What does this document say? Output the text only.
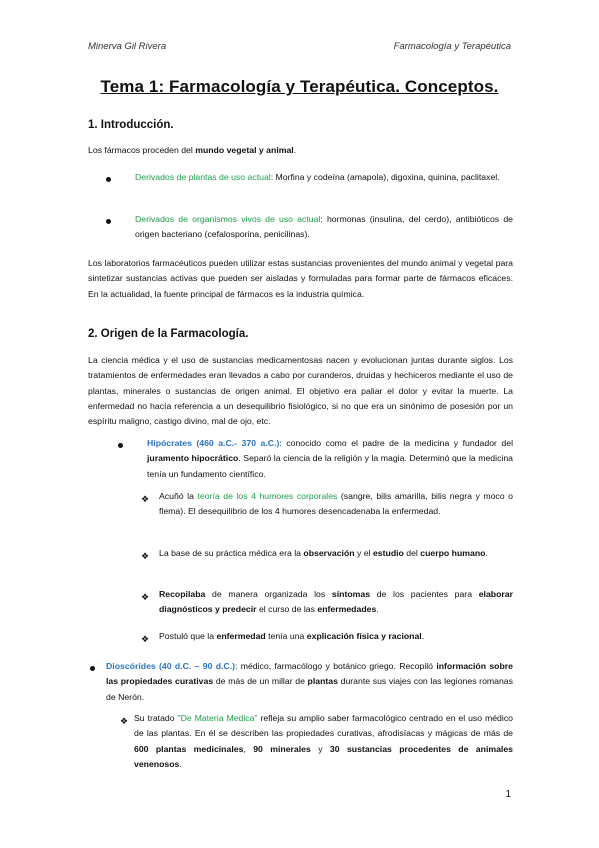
Minerva Gil Rivera	Farmacología y Terapéutica
Tema 1: Farmacología y Terapéutica. Conceptos.
1. Introducción.

Los fármacos proceden del mundo vegetal y animal.

Derivados de plantas de uso actual: Morfina y codeína (amapola), digoxina, quinina, paclitaxel.
Derivados de organismos vivos de uso actual: hormonas (insulina, del cerdo), antibióticos de origen bacteriano (cefalosporina, penicilinas).

Los laboratorios farmacéuticos pueden utilizar estas sustancias provenientes del mundo animal y vegetal para sintetizar sustancias activas que pueden ser aisladas y formuladas para formar parte de fármacos eficaces. En la actualidad, la fuente principal de fármacos es la industria química.

2. Origen de la Farmacología.

La ciencia médica y el uso de sustancias medicamentosas nacen y evolucionan juntas durante siglos. Los tratamientos de enfermedades eran llevados a cabo por curanderos, druidas y hechiceros mediante el uso de plantas, minerales o sustancias de origen animal. El objetivo era paliar el dolor y evitar la muerte. La enfermedad no hacía referencia a un desequilibrio fisiológico, si no que era un sinónimo de posesión por un espíritu maligno, castigo divino, mal de ojo, etc.

Hipócrates (460 a.C.- 370 a.C.): conocido como el padre de la medicina y fundador del juramento hipocrático. Separó la ciencia de la religión y la magia. Determinó que la medicina tenía un fundamento científico.
❖ Acuñó la teoría de los 4 humores corporales (sangre, bilis amarilla, bilis negra y moco o flema). El desequilibrio de los 4 humores desencadenaba la enfermedad.
❖ La base de su práctica médica era la observación y el estudio del cuerpo humano.
❖ Recopilaba de manera organizada los síntomas de los pacientes para elaborar diagnósticos y predecir el curso de las enfermedades.
❖ Postuló que la enfermedad tenía una explicación física y racional.
Dioscórides (40 d.C. – 90 d.C.): médico, farmacólogo y botánico griego. Recopiló información sobre las propiedades curativas de más de un millar de plantas durante sus viajes con las legiones romanas de Nerón.
❖ Su tratado "De Materia Medica" refleja su amplio saber farmacológico centrado en el uso médico de las plantas. En él se describen las propiedades curativas, afrodisíacas y mágicas de más de 600 plantas medicinales, 90 minerales y 30 sustancias procedentes de animales venenosos.
1
